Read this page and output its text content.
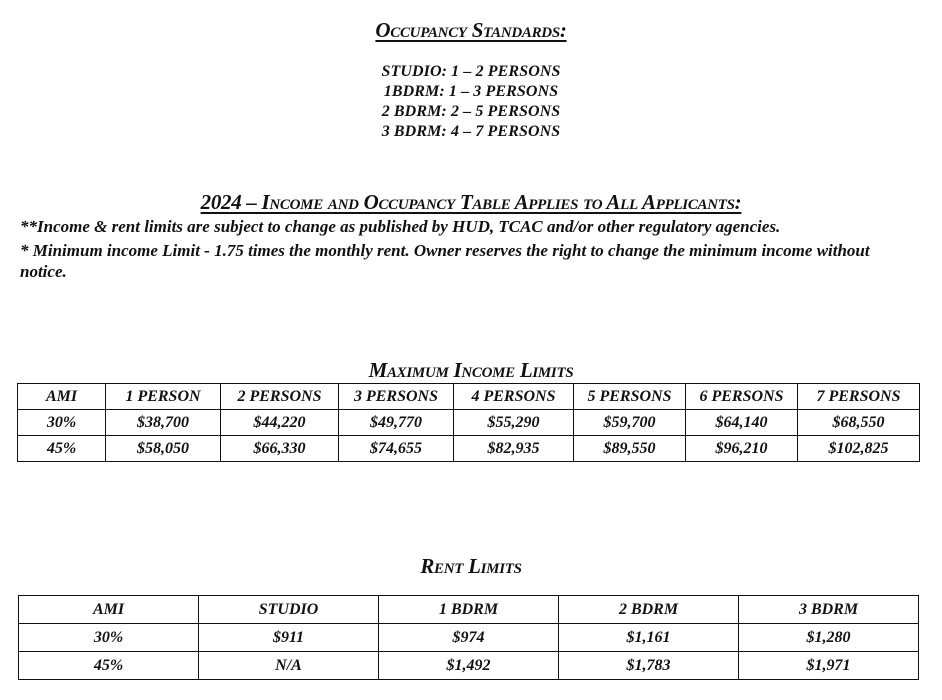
Occupancy Standards:
STUDIO: 1 – 2 PERSONS
1BDRM: 1 – 3 PERSONS
2 BDRM: 2 – 5 PERSONS
3 BDRM: 4 – 7 PERSONS
2024 – Income and Occupancy Table Applies to All Applicants:
**Income & rent limits are subject to change as published by HUD, TCAC and/or other regulatory agencies.
* Minimum income Limit - 1.75 times the monthly rent. Owner reserves the right to change the minimum income without notice.
Maximum Income Limits
AMI	1 PERSON	2 PERSONS	3 PERSONS	4 PERSONS	5 PERSONS	6 PERSONS	7 PERSONS
30%	$38,700	$44,220	$49,770	$55,290	$59,700	$64,140	$68,550
45%	$58,050	$66,330	$74,655	$82,935	$89,550	$96,210	$102,825
Rent Limits
AMI	STUDIO	1 BDRM	2 BDRM	3 BDRM
30%	$911	$974	$1,161	$1,280
45%	N/A	$1,492	$1,783	$1,971
